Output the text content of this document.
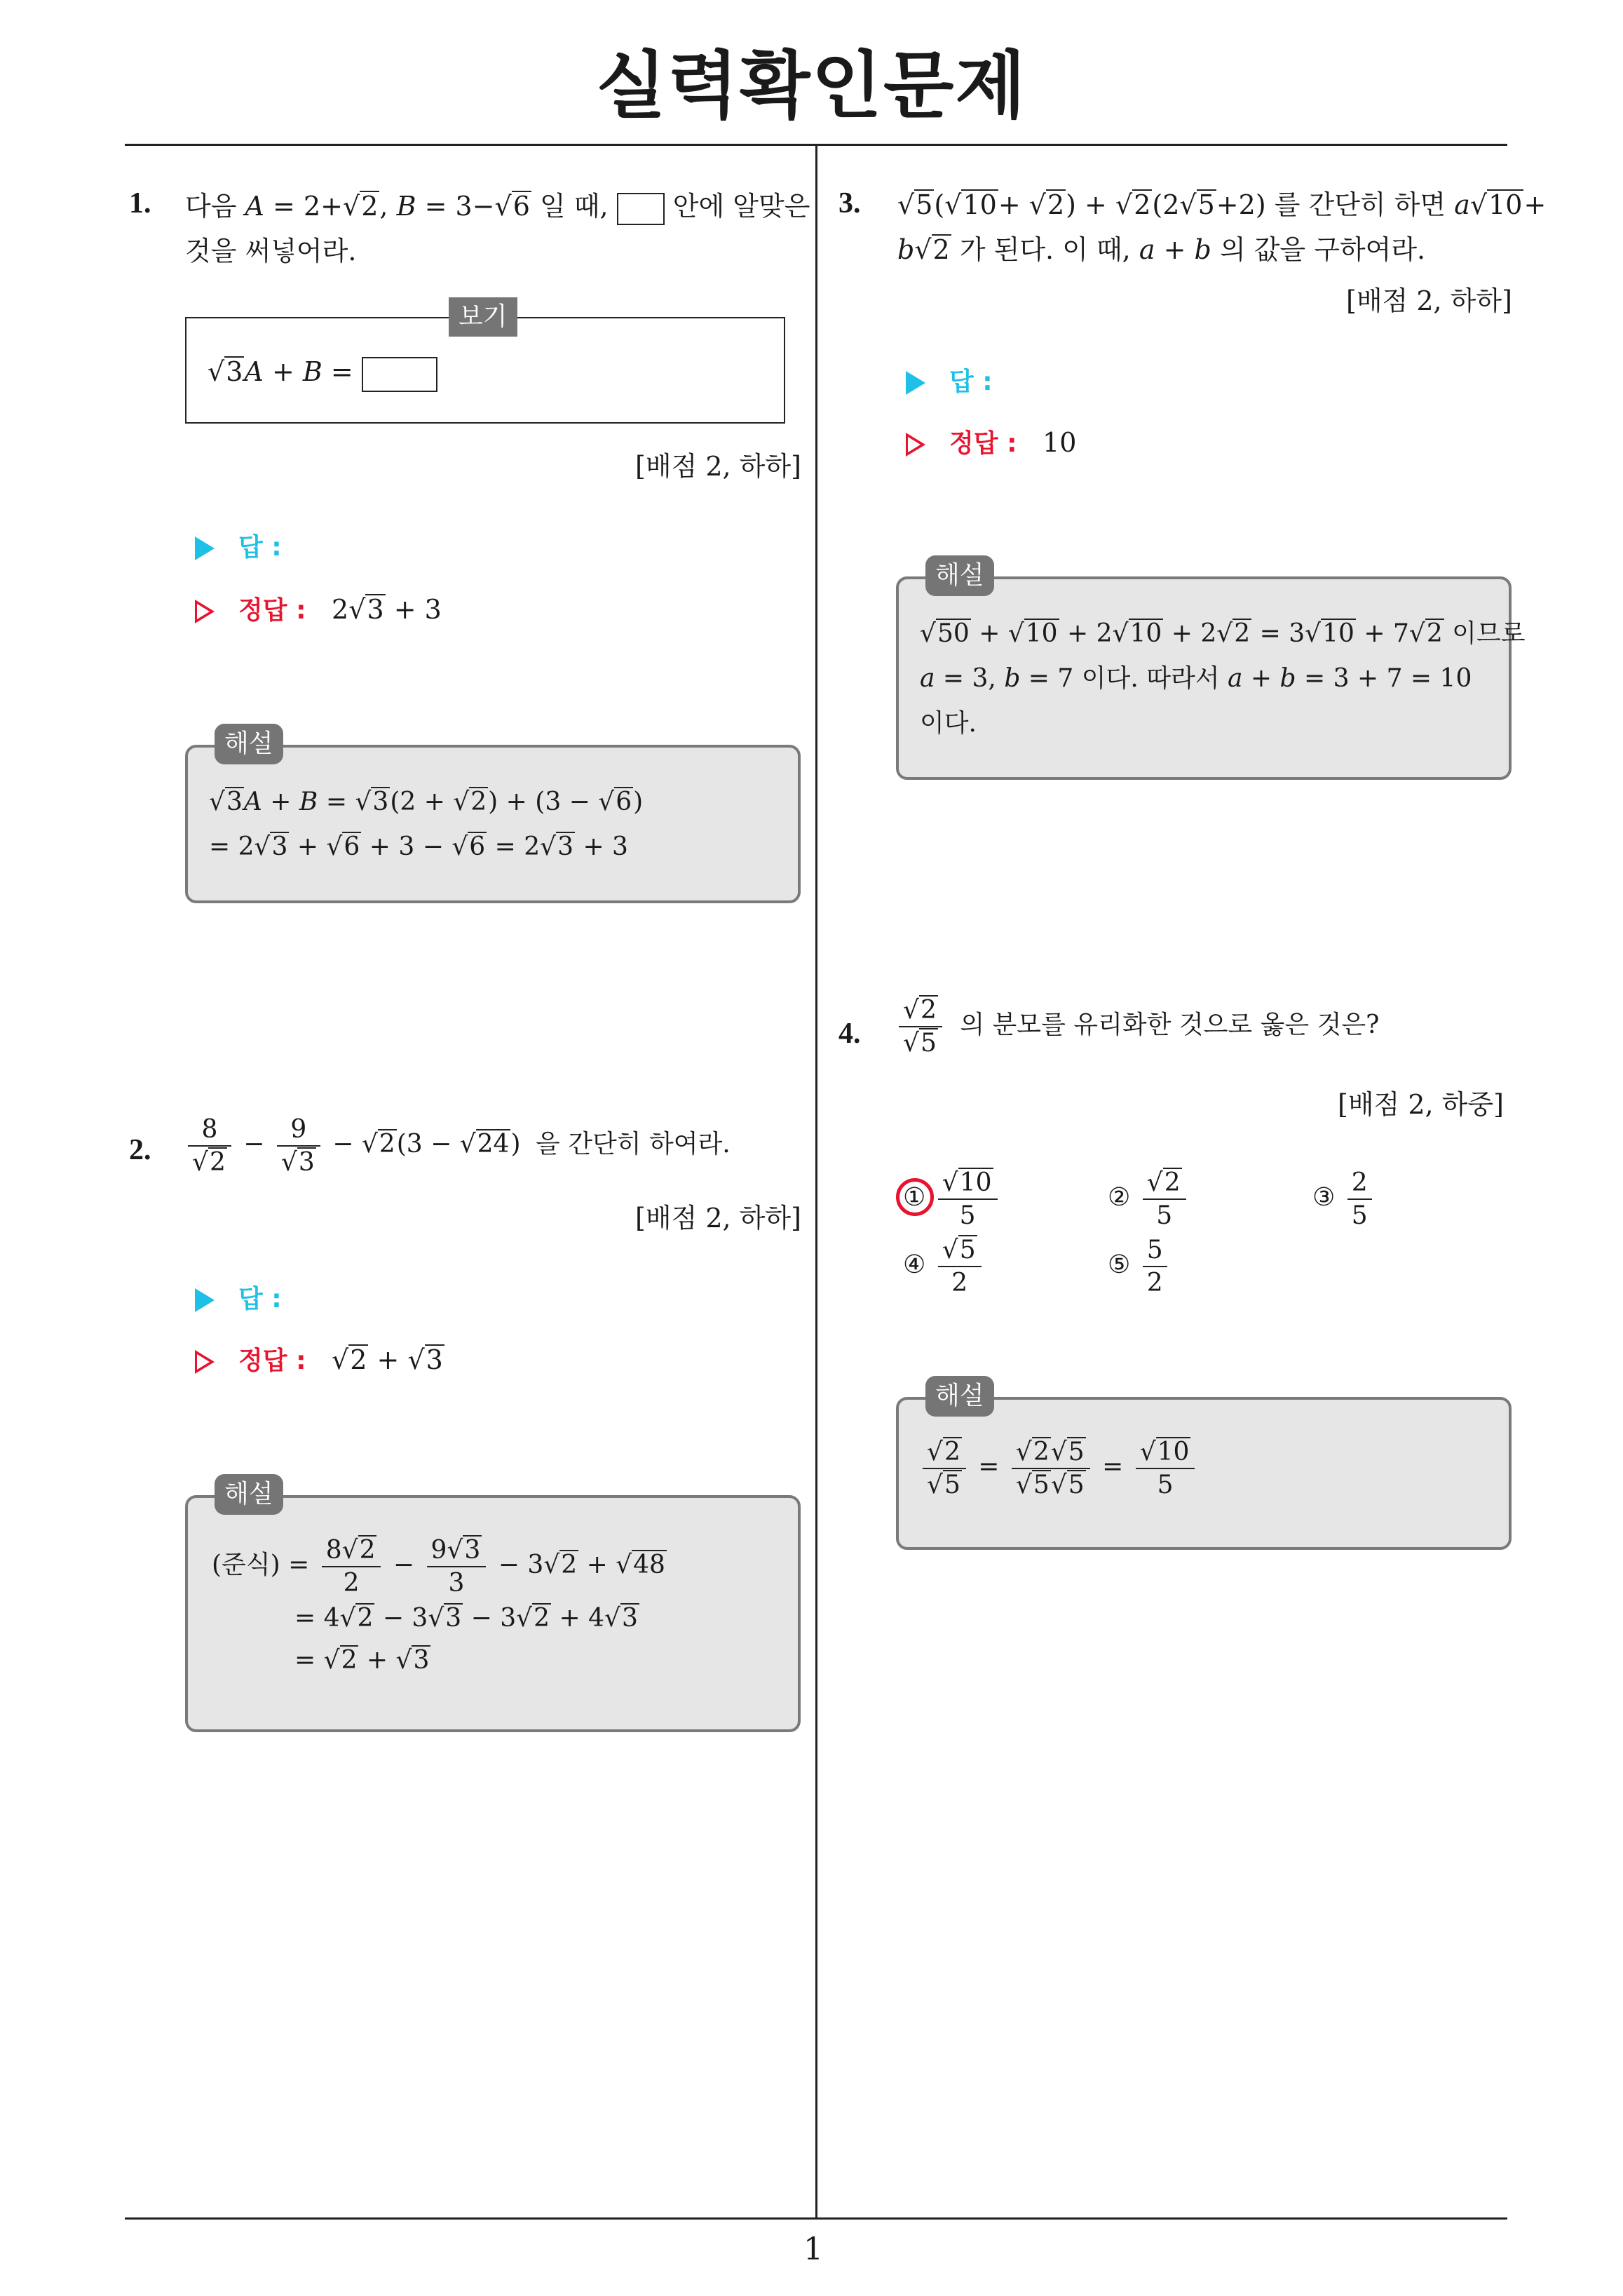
실력확인문제
1
1. 다음 A = 2+√2, B = 3−√6 일 때, 안에 알맞은
것을 써넣어라.
보기
√3A + B =
[배점 2, 하하]
답 :
정답 : 2√3 + 3
해설
√3A + B = √3(2 + √2) + (3 − √6)
= 2√3 + √6 + 3 − √6 = 2√3 + 3
2. $\frac{8}{√2} - \frac{9}{√3} - √2(3 - √24)$ 을 간단히 하여라.
[배점 2, 하하]
답 :
정답 : √2 + √3
해설
(준식) = $\frac{8√2}{2} - \frac{9√3}{3} - 3√2 + √48$
= 4√2 − 3√3 − 3√2 + 4√3
= √2 + √3
3. √5(√10+ √2) + √2(2√5+2) 를 간단히 하면 a√10+
b√2 가 된다. 이 때, a + b 의 값을 구하여라.
[배점 2, 하하]
답 :
정답 : 10
해설
√50 + √10 + 2√10 + 2√2 = 3√10 + 7√2 이므로
a = 3, b = 7 이다. 따라서 a + b = 3 + 7 = 10
이다.
4. $\frac{√2}{√5}$ 의 분모를 유리화한 것으로 옳은 것은?
[배점 2, 하중]
① $\frac{√10}{5}$	② $\frac{√2}{5}$	③ $\frac{2}{5}$
④ $\frac{√5}{2}$	⑤ $\frac{5}{2}$
해설
$\frac{√2}{√5} = \frac{√2√5}{√5√5} = \frac{√10}{5}$
